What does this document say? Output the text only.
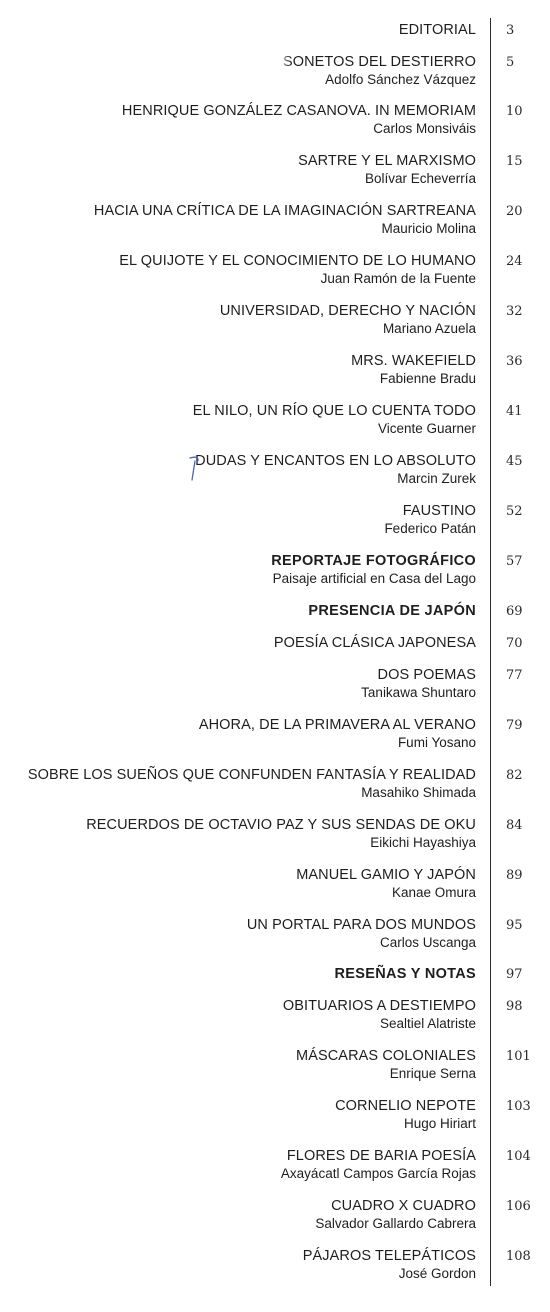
EDITORIAL 3
SONETOS DEL DESTIERRO
Adolfo Sánchez Vázquez
5
HENRIQUE GONZÁLEZ CASANOVA. IN MEMORIAM
Carlos Monsiváis
10
SARTRE Y EL MARXISMO
Bolívar Echeverría
15
HACIA UNA CRÍTICA DE LA IMAGINACIÓN SARTREANA
Mauricio Molina
20
EL QUIJOTE Y EL CONOCIMIENTO DE LO HUMANO
Juan Ramón de la Fuente
24
UNIVERSIDAD, DERECHO Y NACIÓN
Mariano Azuela
32
MRS. WAKEFIELD
Fabienne Bradu
36
EL NILO, UN RÍO QUE LO CUENTA TODO
Vicente Guarner
41
DUDAS Y ENCANTOS EN LO ABSOLUTO
Marcin Zurek
45
FAUSTINO
Federico Patán
52
REPORTAJE FOTOGRÁFICO
Paisaje artificial en Casa del Lago
57
PRESENCIA DE JAPÓN 69
POESÍA CLÁSICA JAPONESA 70
DOS POEMAS
Tanikawa Shuntaro
77
AHORA, DE LA PRIMAVERA AL VERANO
Fumi Yosano
79
SOBRE LOS SUEÑOS QUE CONFUNDEN FANTASÍA Y REALIDAD
Masahiko Shimada
82
RECUERDOS DE OCTAVIO PAZ Y SUS SENDAS DE OKU
Eikichi Hayashiya
84
MANUEL GAMIO Y JAPÓN
Kanae Omura
89
UN PORTAL PARA DOS MUNDOS
Carlos Uscanga
95
RESEÑAS Y NOTAS 97
OBITUARIOS A DESTIEMPO
Sealtiel Alatriste
98
MÁSCARAS COLONIALES
Enrique Serna
101
CORNELIO NEPOTE
Hugo Hiriart
103
FLORES DE BARIA POESÍA
Axayácatl Campos García Rojas
104
CUADRO X CUADRO
Salvador Gallardo Cabrera
106
PÁJAROS TELEPÁTICOS
José Gordon
108
